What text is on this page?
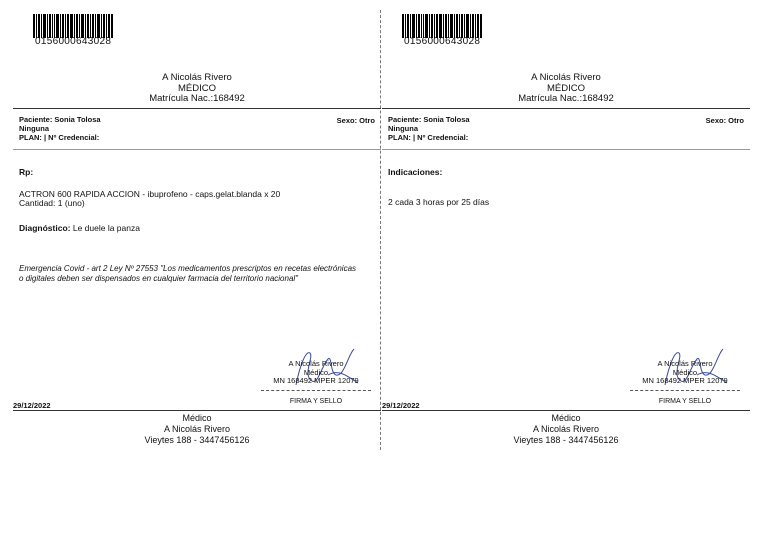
0156000643028
A Nicolás Rivero
MÉDICO
Matrícula Nac.:168492
Paciente: Sonia Tolosa	Sexo: Otro
Ninguna
PLAN: | Nº Credencial:
Rp:
ACTRON 600 RAPIDA ACCION - ibuprofeno - caps.gelat.blanda x 20
Cantidad: 1 (uno)
Diagnóstico: Le duele la panza
Emergencia Covid - art 2 Ley Nº 27553 "Los medicamentos prescriptos en recetas electrónicas o digitales deben ser dispensados en cualquier farmacia del territorio nacional"
A Nicolás Rivero
Médico
MN 168492 MPER 12079
FIRMA Y SELLO
29/12/2022
Médico
A Nicolás Rivero
Vieytes 188 - 3447456126
0156000643028
A Nicolás Rivero
MÉDICO
Matrícula Nac.:168492
Paciente: Sonia Tolosa	Sexo: Otro
Ninguna
PLAN: | Nº Credencial:
Indicaciones:
2 cada 3 horas por 25 días
A Nicolás Rivero
Médico
MN 168492 MPER 12079
FIRMA Y SELLO
29/12/2022
Médico
A Nicolás Rivero
Vieytes 188 - 3447456126
